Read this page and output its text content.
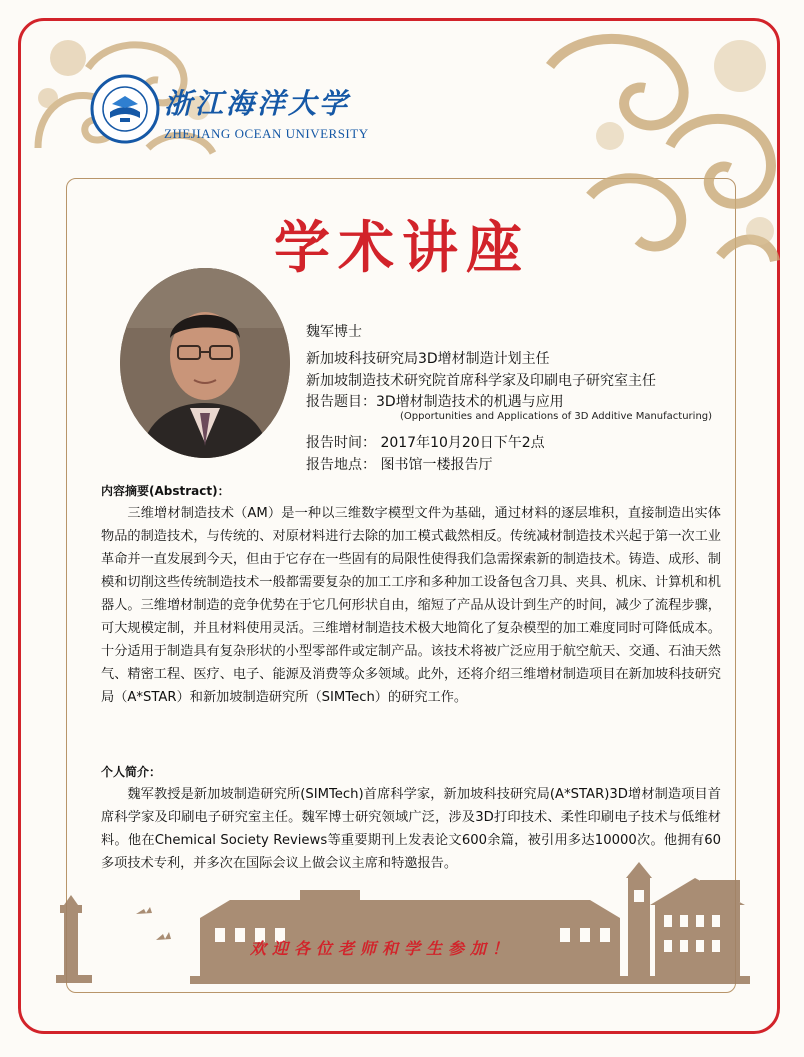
浙江海洋大学
ZHEJIANG OCEAN UNIVERSITY
学术讲座
魏军博士
新加坡科技研究局3D增材制造计划主任
新加坡制造技术研究院首席科学家及印刷电子研究室主任
报告题目：3D增材制造技术的机遇与应用
(Opportunities and Applications of 3D Additive Manufacturing)
报告时间： 2017年10月20日下午2点
报告地点： 图书馆一楼报告厅
内容摘要(Abstract)：
三维增材制造技术（AM）是一种以三维数字模型文件为基础，通过材料的逐层堆积，直接制造出实体物品的制造技术，与传统的、对原材料进行去除的加工模式截然相反。传统减材制造技术兴起于第一次工业革命并一直发展到今天，但由于它存在一些固有的局限性使得我们急需探索新的制造技术。铸造、成形、制模和切削这些传统制造技术一般都需要复杂的加工工序和多种加工设备包含刀具、夹具、机床、计算机和机器人。三维增材制造的竞争优势在于它几何形状自由，缩短了产品从设计到生产的时间，减少了流程步骤，可大规模定制，并且材料使用灵活。三维增材制造技术极大地简化了复杂模型的加工难度同时可降低成本。十分适用于制造具有复杂形状的小型零部件或定制产品。该技术将被广泛应用于航空航天、交通、石油天然气、精密工程、医疗、电子、能源及消费等众多领域。此外，还将介绍三维增材制造项目在新加坡科技研究局（A*STAR）和新加坡制造研究所（SIMTech）的研究工作。
个人简介：
魏军教授是新加坡制造研究所(SIMTech)首席科学家，新加坡科技研究局(A*STAR)3D增材制造项目首席科学家及印刷电子研究室主任。魏军博士研究领域广泛，涉及3D打印技术、柔性印刷电子技术与低维材料。他在Chemical Society Reviews等重要期刊上发表论文600余篇，被引用多达10000次。他拥有60多项技术专利，并多次在国际会议上做会议主席和特邀报告。
欢迎各位老师和学生参加！
